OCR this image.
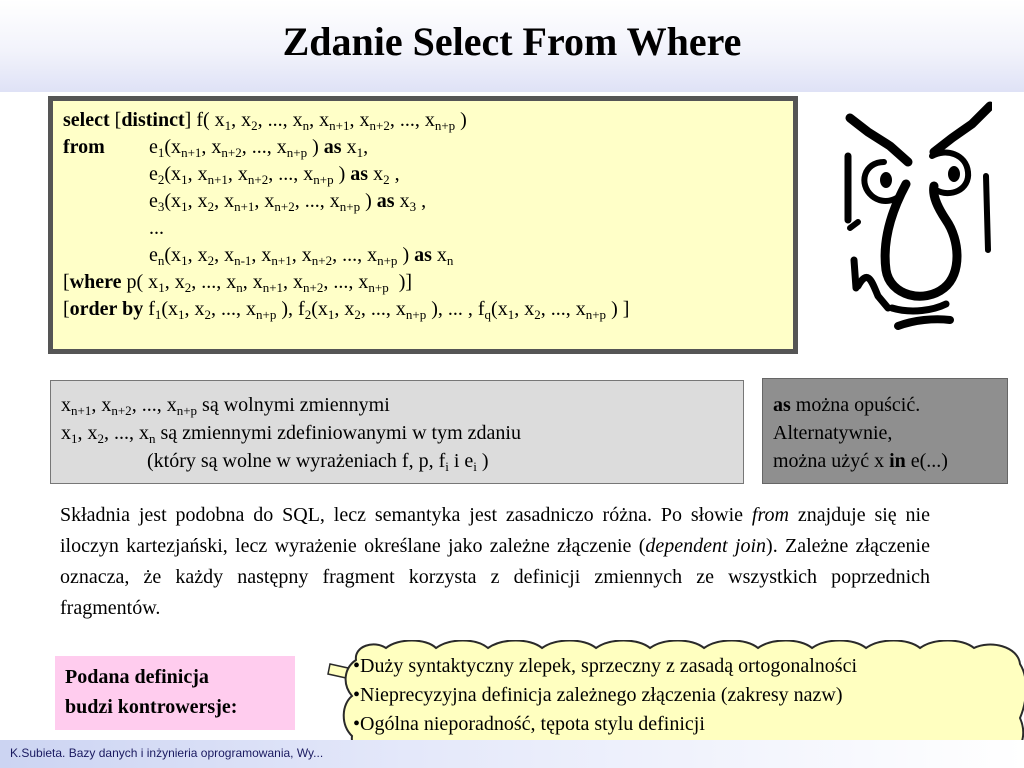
Zdanie Select From Where
select [distinct] f( $x_1$, $x_2$, ..., $x_n$, $x_{n+1}$, $x_{n+2}$, ..., $x_{n+p}$ )
from $e_1(x_{n+1}$, $x_{n+2}$, ..., $x_{n+p}$ ) as $x_1$,
$e_2(x_1$, $x_{n+1}$, $x_{n+2}$, ..., $x_{n+p}$ ) as $x_2$ ,
$e_3(x_1$, $x_2$, $x_{n+1}$, $x_{n+2}$, ..., $x_{n+p}$ ) as $x_3$ ,
...
$e_n(x_1$, $x_2$, $x_{n-1}$, $x_{n+1}$, $x_{n+2}$, ..., $x_{n+p}$ ) as $x_n$
[where p( $x_1$, $x_2$, ..., $x_n$, $x_{n+1}$, $x_{n+2}$, ..., $x_{n+p}$  )]
[order by $f_1(x_1$, $x_2$, ..., $x_{n+p}$ ), $f_2(x_1$, $x_2$, ..., $x_{n+p}$ ), ... , $f_q(x_1$, $x_2$, ..., $x_{n+p}$ ) ]
$x_{n+1}$, $x_{n+2}$, ..., $x_{n+p}$ są wolnymi zmiennymi
$x_1$, $x_2$, ..., $x_n$ są zmiennymi zdefiniowanymi w tym zdaniu
(który są wolne w wyrażeniach f, p, $f_i$ i $e_i$ )
as można opuścić.
Alternatywnie,
można użyć x in e(...)
Składnia jest podobna do SQL, lecz semantyka jest zasadniczo różna. Po słowie from znajduje się nie iloczyn kartezjański, lecz wyrażenie określane jako zależne złączenie (dependent join). Zależne złączenie oznacza, że każdy następny fragment korzysta z definicji zmiennych ze wszystkich poprzednich fragmentów.
Podana definicja
budzi kontrowersje:
•Duży syntaktyczny zlepek, sprzeczny z zasadą ortogonalności
•Nieprecyzyjna definicja zależnego złączenia (zakresy nazw)
•Ogólna nieporadność, tępota stylu definicji
K.Subieta. Bazy danych i inżynieria oprogramowania, Wy...
